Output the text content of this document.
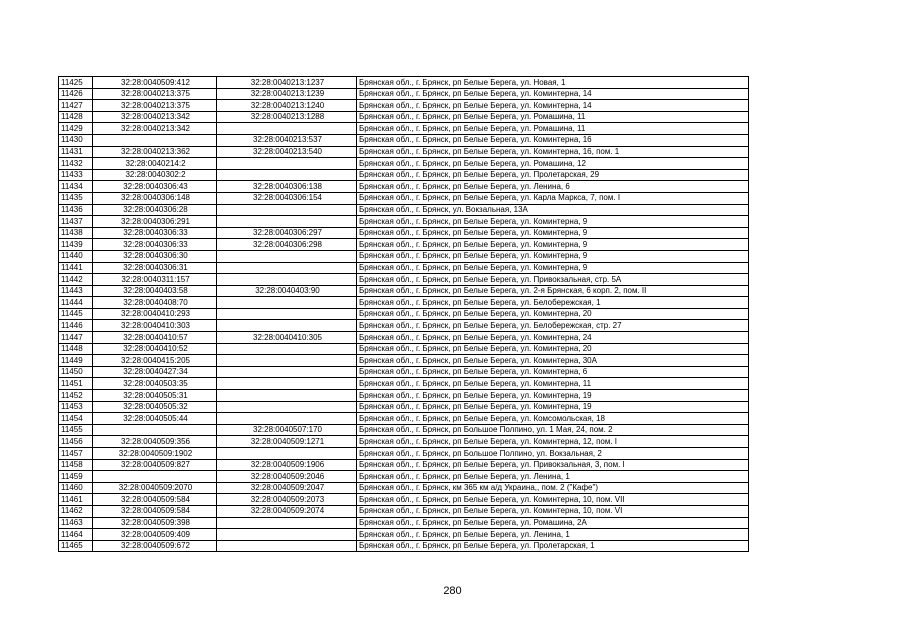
11425	32:28:0040509:412	32:28:0040213:1237	Брянская обл., г. Брянск, рп Белые Берега, ул. Новая, 1
11426	32:28:0040213:375	32:28:0040213:1239	Брянская обл., г. Брянск, рп Белые Берега, ул. Коминтерна, 14
11427	32:28:0040213:375	32:28:0040213:1240	Брянская обл., г. Брянск, рп Белые Берега, ул. Коминтерна, 14
11428	32:28:0040213:342	32:28:0040213:1288	Брянская обл., г. Брянск, рп Белые Берега, ул. Ромашина, 11
11429	32:28:0040213:342		Брянская обл., г. Брянск, рп Белые Берега, ул. Ромашина, 11
11430		32:28:0040213:537	Брянская обл., г. Брянск, рп Белые Берега, ул. Коминтерна, 16
11431	32:28:0040213:362	32:28:0040213:540	Брянская обл., г. Брянск, рп Белые Берега, ул. Коминтерна, 16, пом. 1
11432	32:28:0040214:2		Брянская обл., г. Брянск, рп Белые Берега, ул. Ромашина, 12
11433	32:28:0040302:2		Брянская обл., г. Брянск, рп Белые Берега, ул. Пролетарская, 29
11434	32:28:0040306:43	32:28:0040306:138	Брянская обл., г. Брянск, рп Белые Берега, ул. Ленина, 6
11435	32:28:0040306:148	32:28:0040306:154	Брянская обл., г. Брянск, рп Белые Берега, ул. Карла Маркса, 7, пом. I
11436	32:28:0040306:28		Брянская обл., г. Брянск, ул. Вокзальная, 13А
11437	32:28:0040306:291		Брянская обл., г. Брянск, рп Белые Берега, ул. Коминтерна, 9
11438	32:28:0040306:33	32:28:0040306:297	Брянская обл., г. Брянск, рп Белые Берега, ул. Коминтерна, 9
11439	32:28:0040306:33	32:28:0040306:298	Брянская обл., г. Брянск, рп Белые Берега, ул. Коминтерна, 9
11440	32:28:0040306:30		Брянская обл., г. Брянск, рп Белые Берега, ул. Коминтерна, 9
11441	32:28:0040306:31		Брянская обл., г. Брянск, рп Белые Берега, ул. Коминтерна, 9
11442	32:28:0040311:157		Брянская обл., г. Брянск, рп Белые Берега, ул. Привокзальная, стр. 5А
11443	32:28:0040403:58	32:28:0040403:90	Брянская обл., г. Брянск, рп Белые Берега, ул. 2-я Брянская, 6 корп. 2, пом. II
11444	32:28:0040408:70		Брянская обл., г. Брянск, рп Белые Берега, ул. Белобережская, 1
11445	32:28:0040410:293		Брянская обл., г. Брянск, рп Белые Берега, ул. Коминтерна, 20
11446	32:28:0040410:303		Брянская обл., г. Брянск, рп Белые Берега, ул. Белобережская, стр. 27
11447	32:28:0040410:57	32:28:0040410:305	Брянская обл., г. Брянск, рп Белые Берега, ул. Коминтерна, 24
11448	32:28:0040410:52		Брянская обл., г. Брянск, рп Белые Берега, ул. Коминтерна, 20
11449	32:28:0040415:205		Брянская обл., г. Брянск, рп Белые Берега, ул. Коминтерна, 30А
11450	32:28:0040427:34		Брянская обл., г. Брянск, рп Белые Берега, ул. Коминтерна, 6
11451	32:28:0040503:35		Брянская обл., г. Брянск, рп Белые Берега, ул. Коминтерна, 11
11452	32:28:0040505:31		Брянская обл., г. Брянск, рп Белые Берега, ул. Коминтерна, 19
11453	32:28:0040505:32		Брянская обл., г. Брянск, рп Белые Берега, ул. Коминтерна, 19
11454	32:28:0040505:44		Брянская обл., г. Брянск, рп Белые Берега, ул. Комсомольская, 18
11455		32:28:0040507:170	Брянская обл., г. Брянск, рп Большое Полпино, ул. 1 Мая, 24, пом. 2
11456	32:28:0040509:356	32:28:0040509:1271	Брянская обл., г. Брянск, рп Белые Берега, ул. Коминтерна, 12, пом. I
11457	32:28:0040509:1902		Брянская обл., г. Брянск, рп Большое Полпино, ул. Вокзальная, 2
11458	32:28:0040509:827	32:28:0040509:1906	Брянская обл., г. Брянск, рп Белые Берега, ул. Привокзальная, 3, пом. I
11459		32:28:0040509:2046	Брянская обл., г. Брянск, рп Белые Берега, ул. Ленина, 1
11460	32:28:0040509:2070	32:28:0040509:2047	Брянская обл., г. Брянск, км 365 км а/д Украина,, пом. 2 ("Кафе")
11461	32:28:0040509:584	32:28:0040509:2073	Брянская обл., г. Брянск, рп Белые Берега, ул. Коминтерна, 10, пом. VII
11462	32:28:0040509:584	32:28:0040509:2074	Брянская обл., г. Брянск, рп Белые Берега, ул. Коминтерна, 10, пом. VI
11463	32:28:0040509:398		Брянская обл., г. Брянск, рп Белые Берега, ул. Ромашина, 2А
11464	32:28:0040509:409		Брянская обл., г. Брянск, рп Белые Берега, ул. Ленина, 1
11465	32:28:0040509:672		Брянская обл., г. Брянск, рп Белые Берега, ул. Пролетарская, 1
280
